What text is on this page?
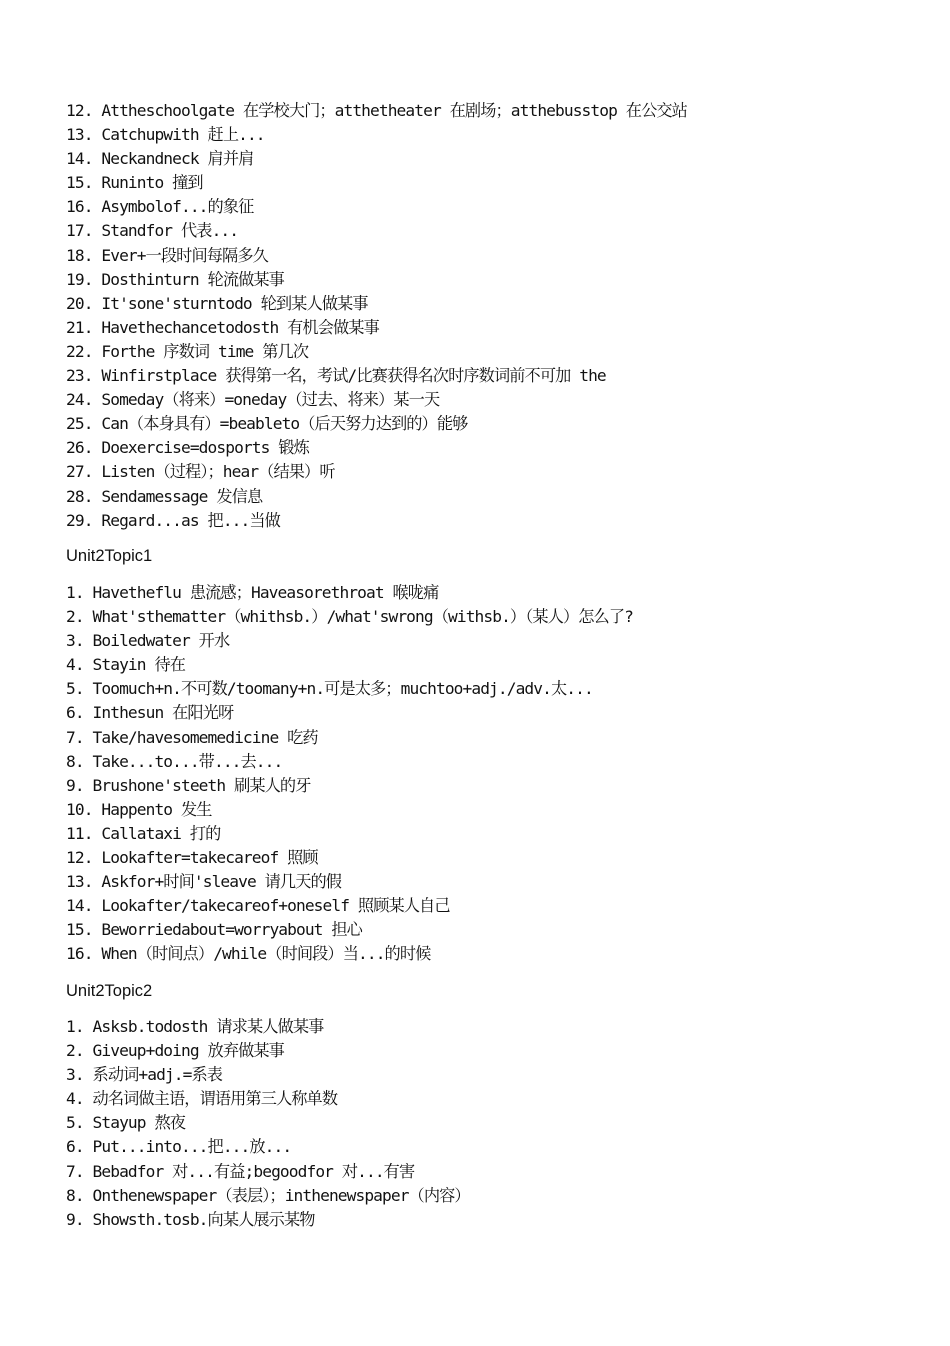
12. Attheschoolgate 在学校大门；atthetheater 在剧场；atthebusstop 在公交站
13. Catchupwith 赶上...
14. Neckandneck 肩并肩
15. Runinto 撞到
16. Asymbolof...的象征
17. Standfor 代表...
18. Ever+一段时间每隔多久
19. Dosthinturn 轮流做某事
20. It'sone'sturntodo 轮到某人做某事
21. Havethechancetodosth 有机会做某事
22. Forthe 序数词 time 第几次
23. Winfirstplace 获得第一名，考试/比赛获得名次时序数词前不可加 the
24. Someday（将来）=oneday（过去、将来）某一天
25. Can（本身具有）=beableto（后天努力达到的）能够
26. Doexercise=dosports 锻炼
27. Listen（过程）；hear（结果）听
28. Sendamessage 发信息
29. Regard...as 把...当做
Unit2Topic1
1. Havetheflu 患流感；Haveasorethroat 喉咙痛
2. What'sthematter（whithsb.）/what'swrong（withsb.）（某人）怎么了?
3. Boiledwater 开水
4. Stayin 待在
5. Toomuch+n.不可数/toomany+n.可是太多；muchtoo+adj./adv.太...
6. Inthesun 在阳光呀
7. Take/havesomemedicine 吃药
8. Take...to...带...去...
9. Brushone'steeth 刷某人的牙
10. Happento 发生
11. Callataxi 打的
12. Lookafter=takecareof 照顾
13. Askfor+时间'sleave 请几天的假
14. Lookafter/takecareof+oneself 照顾某人自己
15. Beworriedabout=worryabout 担心
16. When（时间点）/while（时间段）当...的时候
Unit2Topic2
1. Asksb.todosth 请求某人做某事
2. Giveup+doing 放弃做某事
3. 系动词+adj.=系表
4. 动名词做主语，谓语用第三人称单数
5. Stayup 熬夜
6. Put...into...把...放...
7. Bebadfor 对...有益;begoodfor 对...有害
8. Onthenewspaper（表层）；inthenewspaper（内容）
9. Showsth.tosb.向某人展示某物
